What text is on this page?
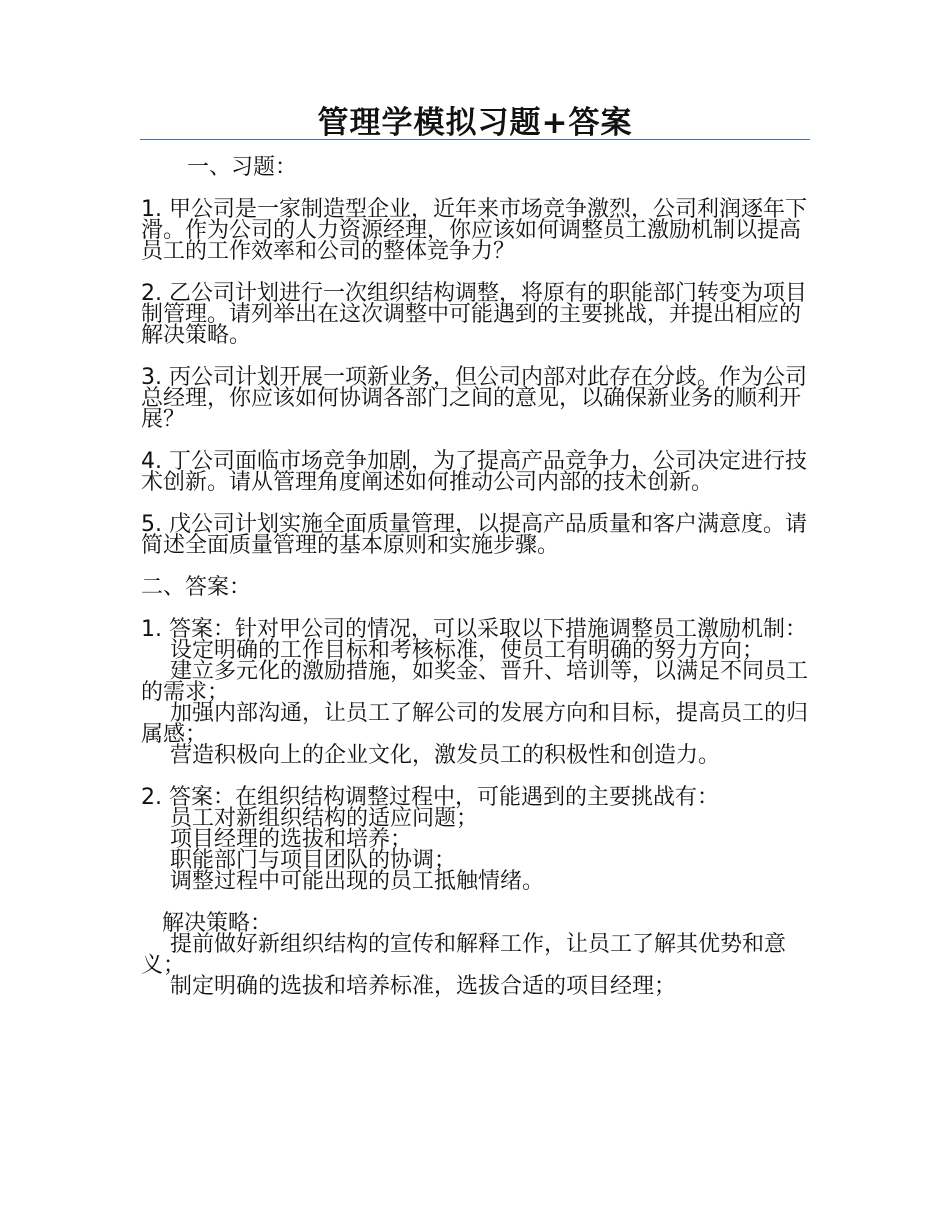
管理学模拟习题+答案

一、习题：

1. 甲公司是一家制造型企业，近年来市场竞争激烈，公司利润逐年下滑。作为公司的人力资源经理，你应该如何调整员工激励机制以提高员工的工作效率和公司的整体竞争力？

2. 乙公司计划进行一次组织结构调整，将原有的职能部门转变为项目制管理。请列举出在这次调整中可能遇到的主要挑战，并提出相应的解决策略。

3. 丙公司计划开展一项新业务，但公司内部对此存在分歧。作为公司总经理，你应该如何协调各部门之间的意见，以确保新业务的顺利开展？

4. 丁公司面临市场竞争加剧，为了提高产品竞争力，公司决定进行技术创新。请从管理角度阐述如何推动公司内部的技术创新。

5. 戊公司计划实施全面质量管理，以提高产品质量和客户满意度。请简述全面质量管理的基本原则和实施步骤。

二、答案：

1. 答案：针对甲公司的情况，可以采取以下措施调整员工激励机制：

设定明确的工作目标和考核标准，使员工有明确的努力方向；

建立多元化的激励措施，如奖金、晋升、培训等，以满足不同员工的需求；

加强内部沟通，让员工了解公司的发展方向和目标，提高员工的归属感；

营造积极向上的企业文化，激发员工的积极性和创造力。

2. 答案：在组织结构调整过程中，可能遇到的主要挑战有：

员工对新组织结构的适应问题；

项目经理的选拔和培养；

职能部门与项目团队的协调；

调整过程中可能出现的员工抵触情绪。

解决策略：

提前做好新组织结构的宣传和解释工作，让员工了解其优势和意义；

制定明确的选拔和培养标准，选拔合适的项目经理；
